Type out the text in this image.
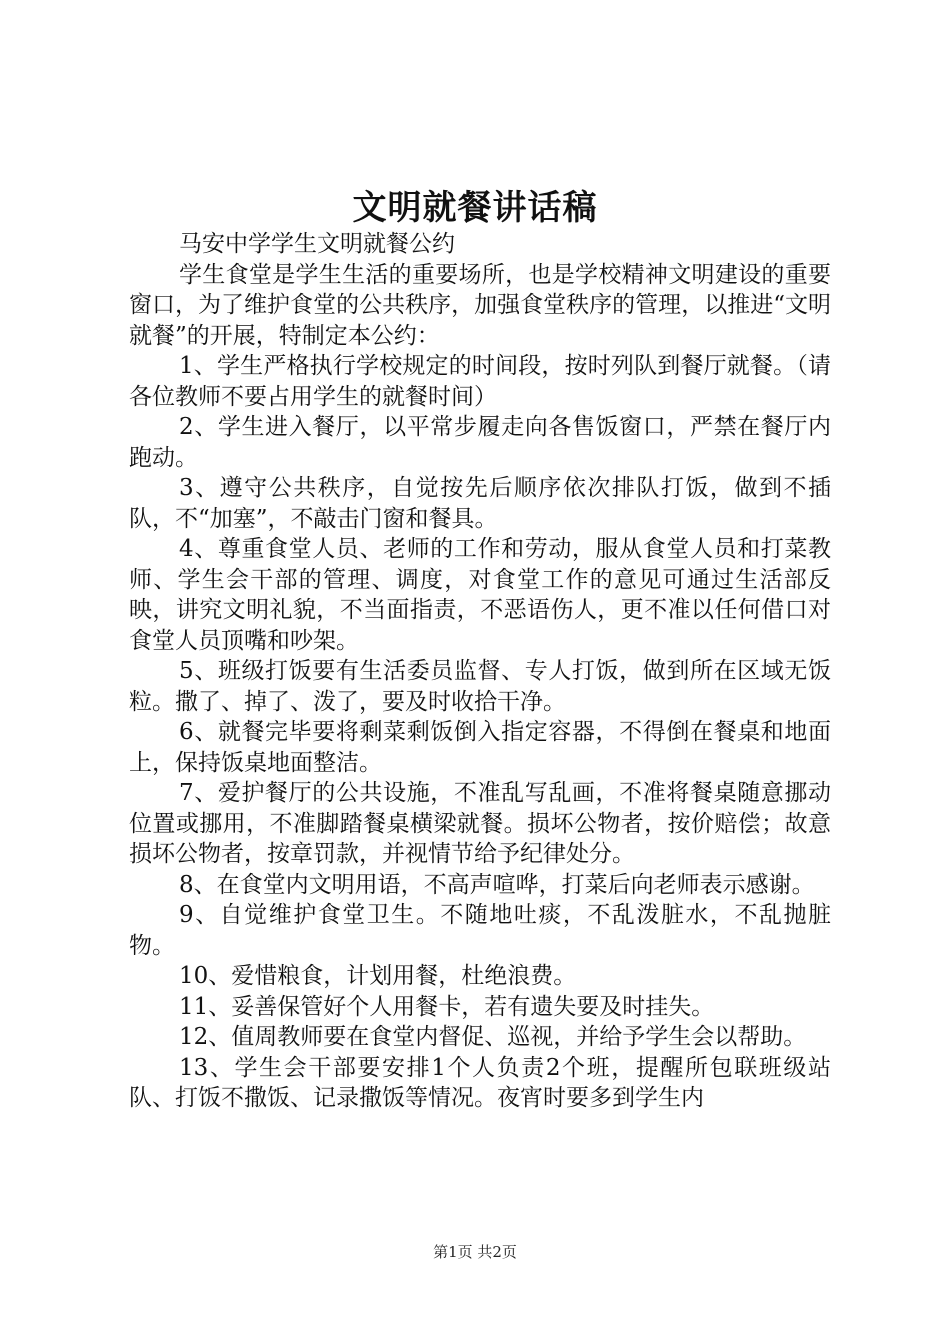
文明就餐讲话稿

马安中学学生文明就餐公约

学生食堂是学生生活的重要场所，也是学校精神文明建设的重要窗口，为了维护食堂的公共秩序，加强食堂秩序的管理，以推进“文明就餐”的开展，特制定本公约：

1、学生严格执行学校规定的时间段，按时列队到餐厅就餐。（请各位教师不要占用学生的就餐时间）

2、学生进入餐厅，以平常步履走向各售饭窗口，严禁在餐厅内跑动。

3、遵守公共秩序，自觉按先后顺序依次排队打饭，做到不插队，不“加塞”，不敲击门窗和餐具。

4、尊重食堂人员、老师的工作和劳动，服从食堂人员和打菜教师、学生会干部的管理、调度，对食堂工作的意见可通过生活部反映，讲究文明礼貌，不当面指责，不恶语伤人，更不准以任何借口对食堂人员顶嘴和吵架。

5、班级打饭要有生活委员监督、专人打饭，做到所在区域无饭粒。撒了、掉了、泼了，要及时收拾干净。

6、就餐完毕要将剩菜剩饭倒入指定容器，不得倒在餐桌和地面上，保持饭桌地面整洁。

7、爱护餐厅的公共设施，不准乱写乱画，不准将餐桌随意挪动位置或挪用，不准脚踏餐桌横梁就餐。损坏公物者，按价赔偿；故意损坏公物者，按章罚款，并视情节给予纪律处分。

8、在食堂内文明用语，不高声喧哗，打菜后向老师表示感谢。

9、自觉维护食堂卫生。不随地吐痰，不乱泼脏水，不乱抛脏物。

10、爱惜粮食，计划用餐，杜绝浪费。

11、妥善保管好个人用餐卡，若有遗失要及时挂失。

12、值周教师要在食堂内督促、巡视，并给予学生会以帮助。

13、学生会干部要安排1个人负责2个班，提醒所包联班级站队、打饭不撒饭、记录撒饭等情况。夜宵时要多到学生内

第1页 共2页
